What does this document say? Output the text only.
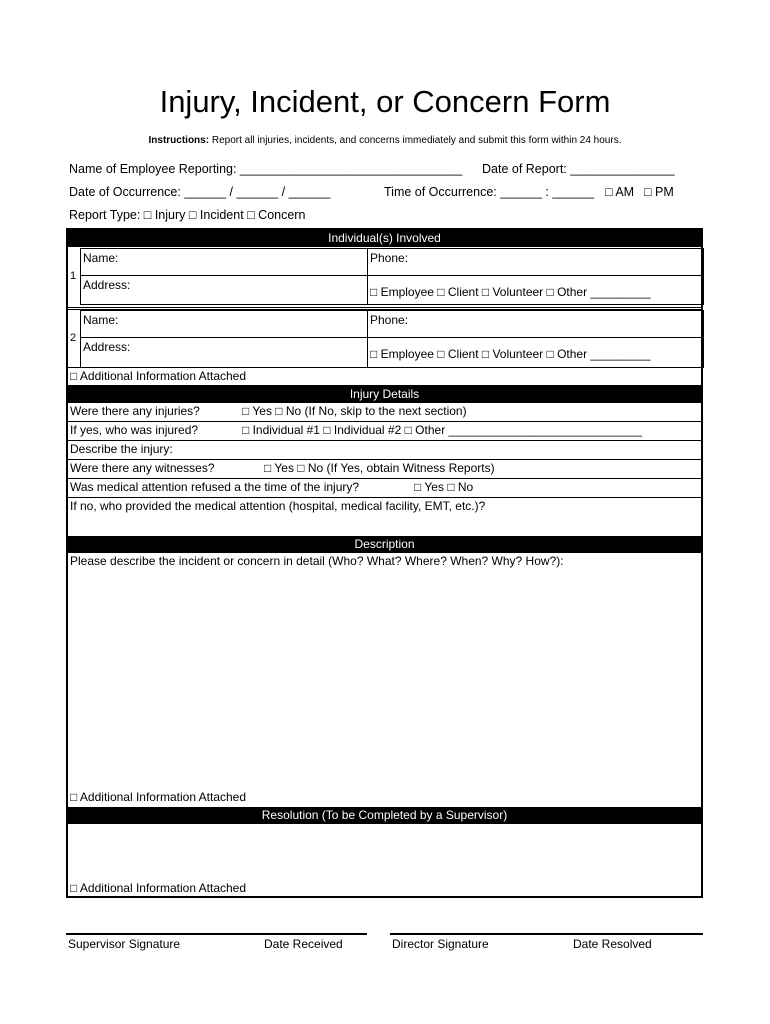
Injury, Incident, or Concern Form
Instructions: Report all injuries, incidents, and concerns immediately and submit this form within 24 hours.
Name of Employee Reporting: ________________________________ Date of Report: _______________
Date of Occurrence: ______ / ______ / ______	Time of Occurrence: ______ : ______ □ AM □ PM
Report Type: □ Injury □ Incident □ Concern
Individual(s) Involved
1
Name:	Phone:
Address:	□ Employee □ Client □ Volunteer □ Other _________
2
Name:	Phone:
Address:	□ Employee □ Client □ Volunteer □ Other _________
□ Additional Information Attached
Injury Details
Were there any injuries?	□ Yes □ No (If No, skip to the next section)
If yes, who was injured?	□ Individual #1 □ Individual #2 □ Other _____________________________
Describe the injury:
Were there any witnesses?	□ Yes □ No (If Yes, obtain Witness Reports)
Was medical attention refused a the time of the injury?	□ Yes □ No
If no, who provided the medical attention (hospital, medical facility, EMT, etc.)?
Description
Please describe the incident or concern in detail (Who? What? Where? When? Why? How?):
□ Additional Information Attached
Resolution (To be Completed by a Supervisor)
□ Additional Information Attached
Supervisor Signature	Date Received	Director Signature	Date Resolved
